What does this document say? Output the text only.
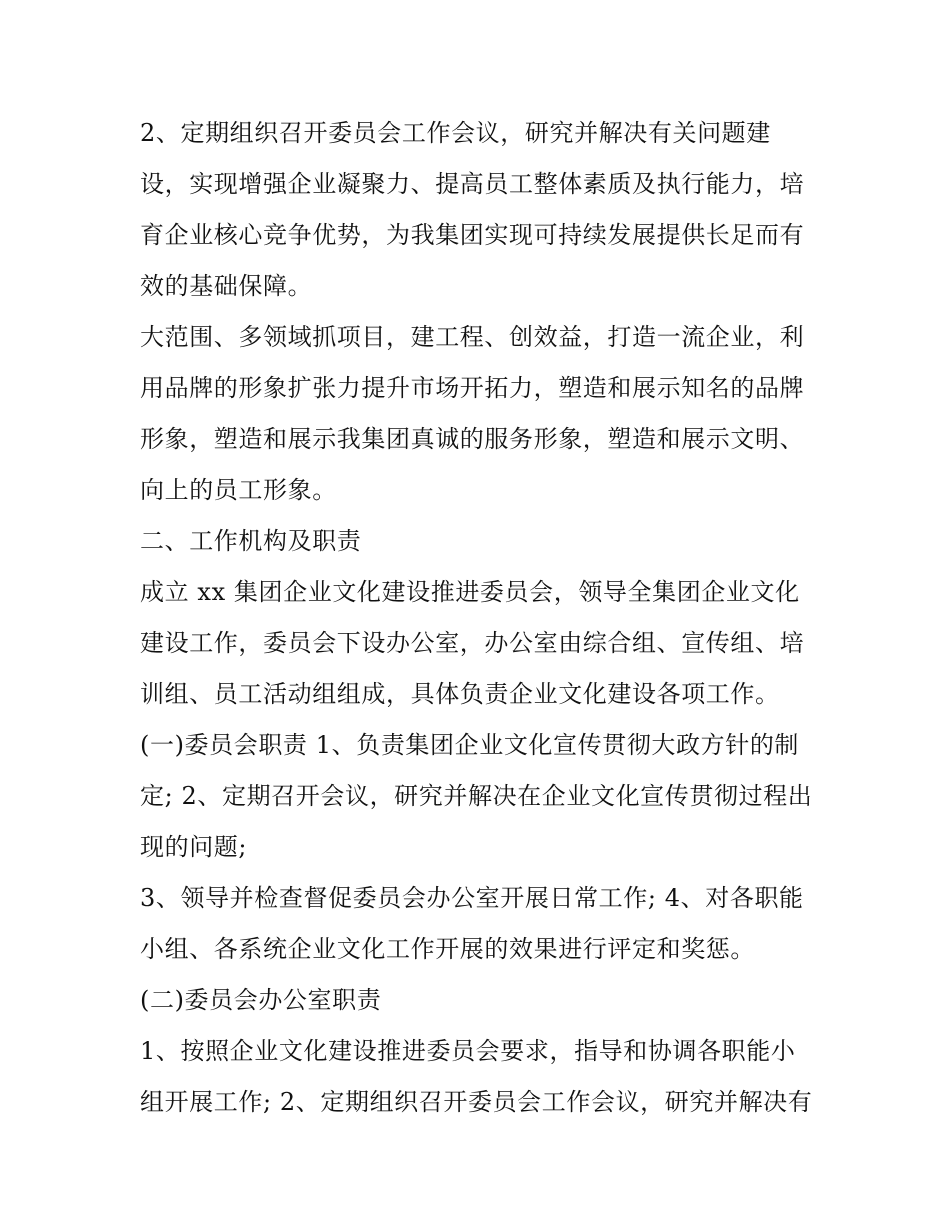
2、定期组织召开委员会工作会议，研究并解决有关问题建
设，实现增强企业凝聚力、提高员工整体素质及执行能力，培
育企业核心竞争优势，为我集团实现可持续发展提供长足而有
效的基础保障。
大范围、多领域抓项目，建工程、创效益，打造一流企业，利
用品牌的形象扩张力提升市场开拓力，塑造和展示知名的品牌
形象，塑造和展示我集团真诚的服务形象，塑造和展示文明、
向上的员工形象。
二、工作机构及职责
成立 xx 集团企业文化建设推进委员会，领导全集团企业文化
建设工作，委员会下设办公室，办公室由综合组、宣传组、培
训组、员工活动组组成，具体负责企业文化建设各项工作。
(一)委员会职责 1、负责集团企业文化宣传贯彻大政方针的制
定; 2、定期召开会议，研究并解决在企业文化宣传贯彻过程出
现的问题;
3、领导并检查督促委员会办公室开展日常工作; 4、对各职能
小组、各系统企业文化工作开展的效果进行评定和奖惩。
(二)委员会办公室职责
1、按照企业文化建设推进委员会要求，指导和协调各职能小
组开展工作; 2、定期组织召开委员会工作会议，研究并解决有
